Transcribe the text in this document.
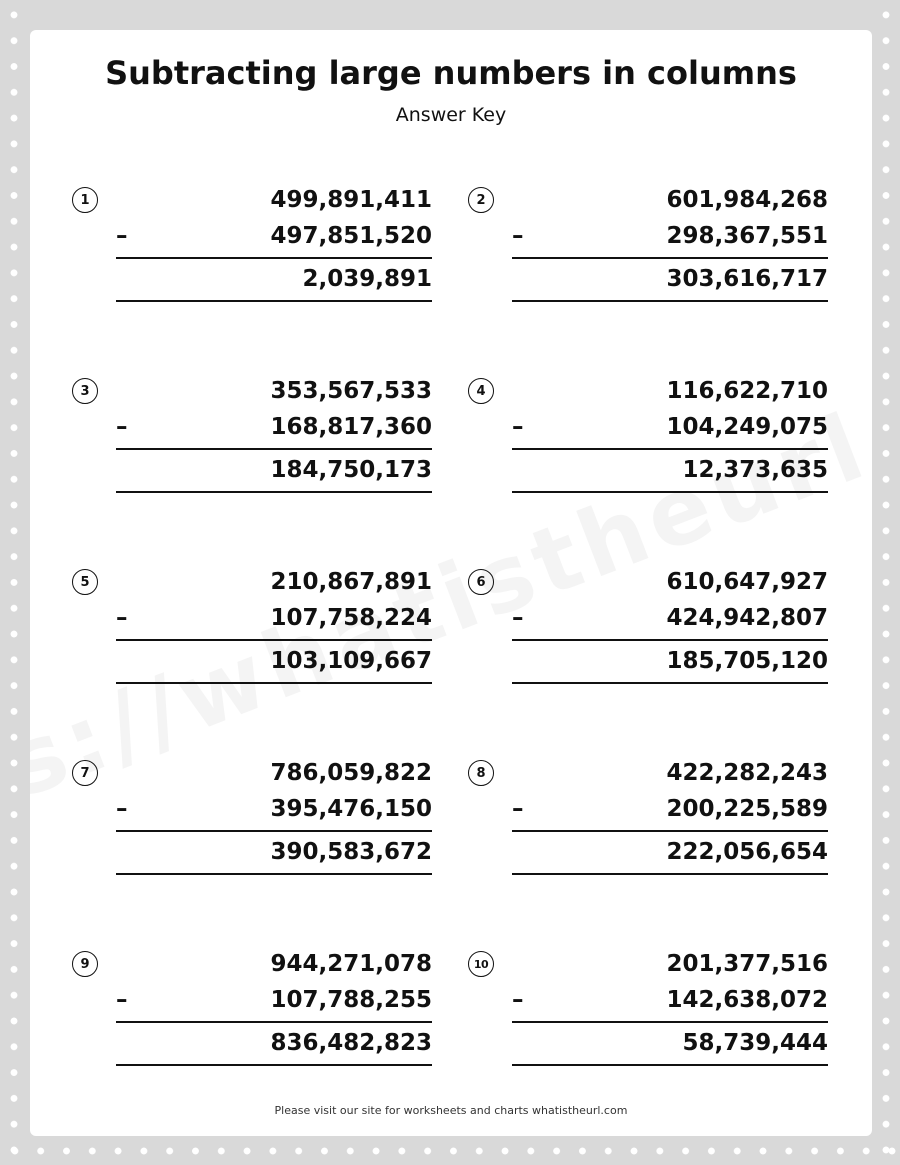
Subtracting large numbers in columns
Answer Key
1	499,891,411
–	497,851,520
2,039,891
2	601,984,268
–	298,367,551
303,616,717
3	353,567,533
–	168,817,360
184,750,173
4	116,622,710
–	104,249,075
12,373,635
5	210,867,891
–	107,758,224
103,109,667
6	610,647,927
–	424,942,807
185,705,120
7	786,059,822
–	395,476,150
390,583,672
8	422,282,243
–	200,225,589
222,056,654
9	944,271,078
–	107,788,255
836,482,823
10	201,377,516
–	142,638,072
58,739,444
Please visit our site for worksheets and charts whatistheurl.com
